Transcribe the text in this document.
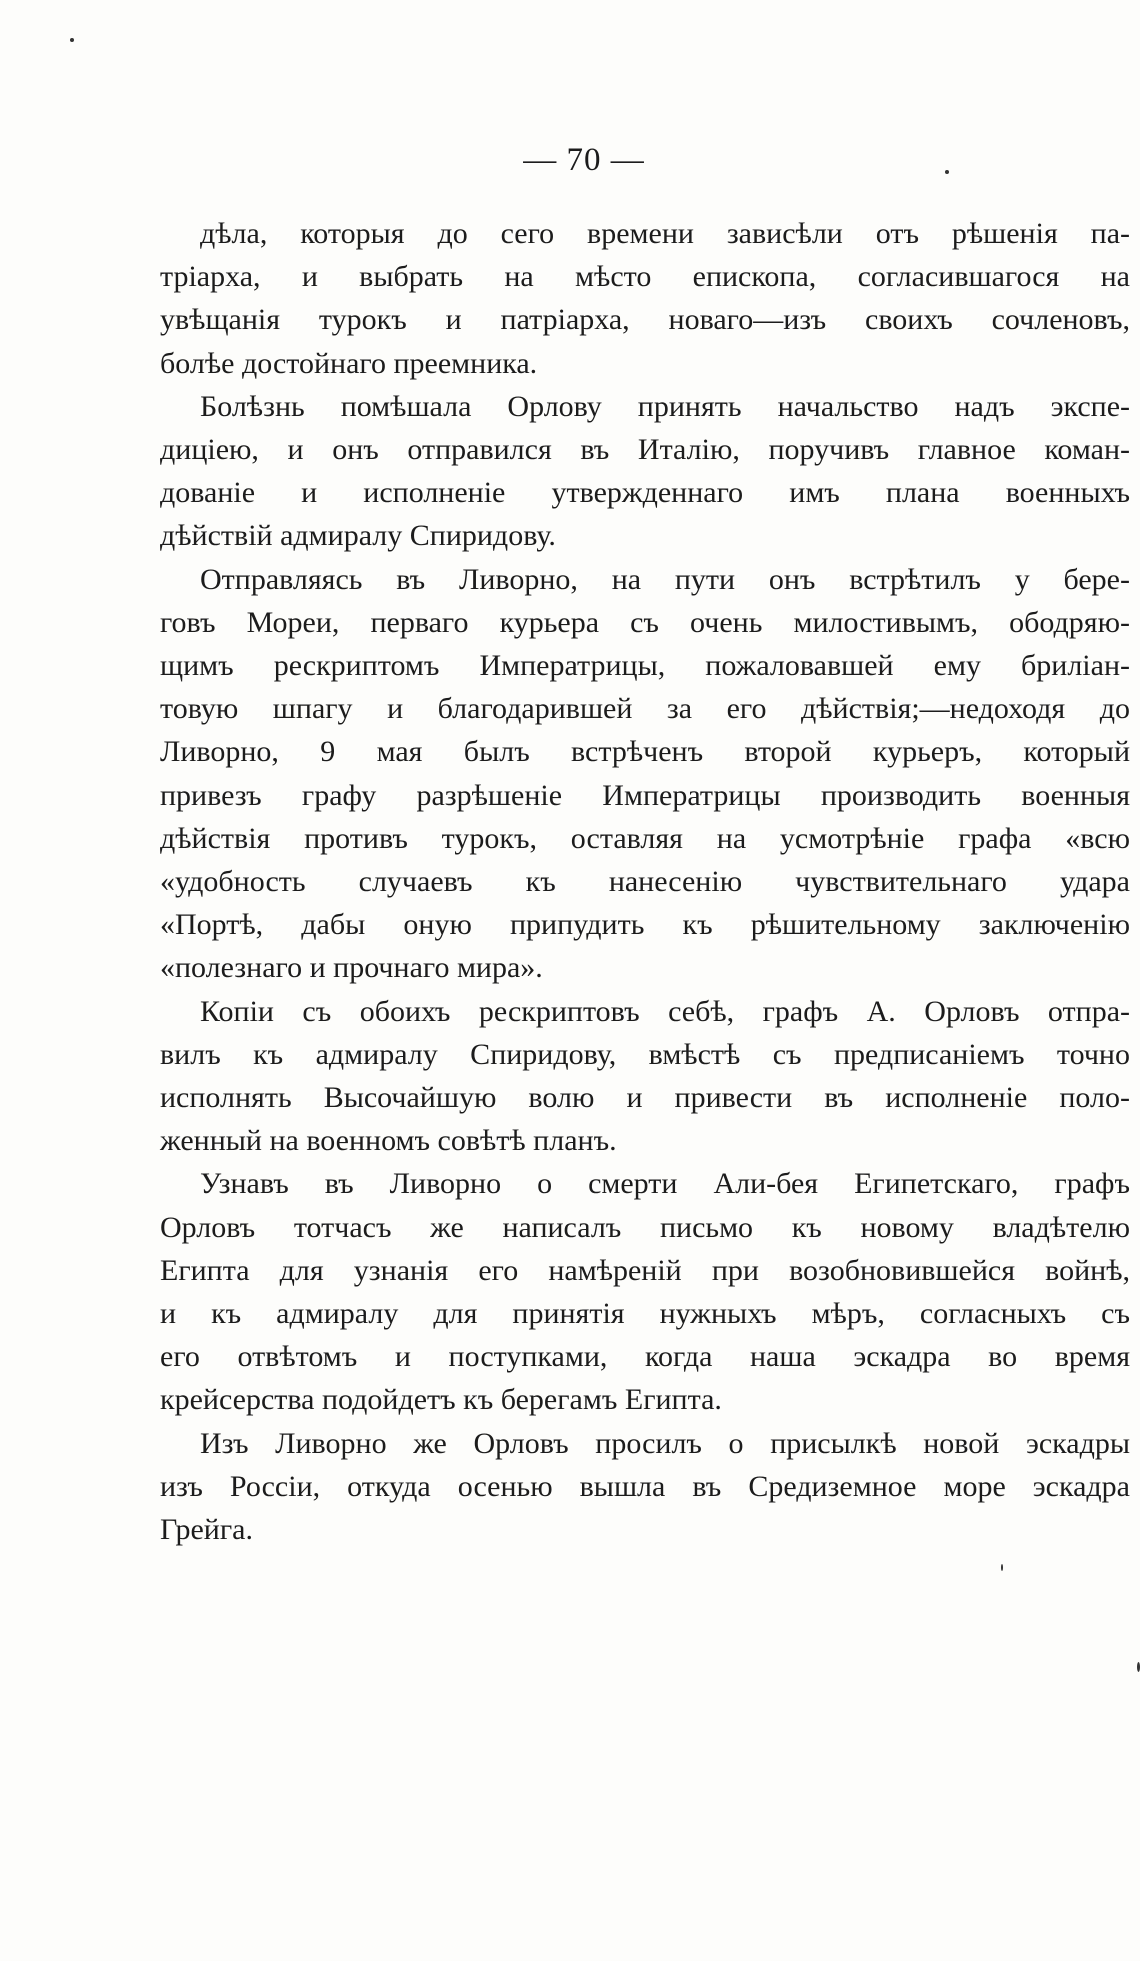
— 70 —

дѣла, которыя до сего времени зависѣли отъ рѣшенія па-
тріарха, и выбрать на мѣсто епископа, согласившагося на
увѣщанія турокъ и патріарха, новаго—изъ своихъ сочленовъ,
болѣе достойнаго преемника.

Болѣзнь помѣшала Орлову принять начальство надъ экспе-
диціею, и онъ отправился въ Италію, поручивъ главное коман-
дованіе и исполненіе утвержденнаго имъ плана военныхъ
дѣйствій адмиралу Спиридову.

Отправляясь въ Ливорно, на пути онъ встрѣтилъ у бере-
говъ Мореи, перваго курьера съ очень милостивымъ, ободряю-
щимъ рескриптомъ Императрицы, пожаловавшей ему бриліан-
товую шпагу и благодарившей за его дѣйствія;—недоходя до
Ливорно, 9 мая былъ встрѣченъ второй курьеръ, который
привезъ графу разрѣшеніе Императрицы производить военныя
дѣйствія противъ турокъ, оставляя на усмотрѣніе графа «всю
«удобность случаевъ къ нанесенію чувствительнаго удара
«Портѣ, дабы оную припудить къ рѣшительному заключенію
«полезнаго и прочнаго мира».

Копіи съ обоихъ рескриптовъ себѣ, графъ А. Орловъ отпра-
вилъ къ адмиралу Спиридову, вмѣстѣ съ предписаніемъ точно
исполнять Высочайшую волю и привести въ исполненіе поло-
женный на военномъ совѣтѣ планъ.

Узнавъ въ Ливорно о смерти Али-бея Египетскаго, графъ
Орловъ тотчасъ же написалъ письмо къ новому владѣтелю
Египта для узнанія его намѣреній при возобновившейся войнѣ,
и къ адмиралу для принятія нужныхъ мѣръ, согласныхъ съ
его отвѣтомъ и поступками, когда наша эскадра во время
крейсерства подойдетъ къ берегамъ Египта.

Изъ Ливорно же Орловъ просилъ о присылкѣ новой эскадры
изъ Россіи, откуда осенью вышла въ Средиземное море эскадра
Грейга.
